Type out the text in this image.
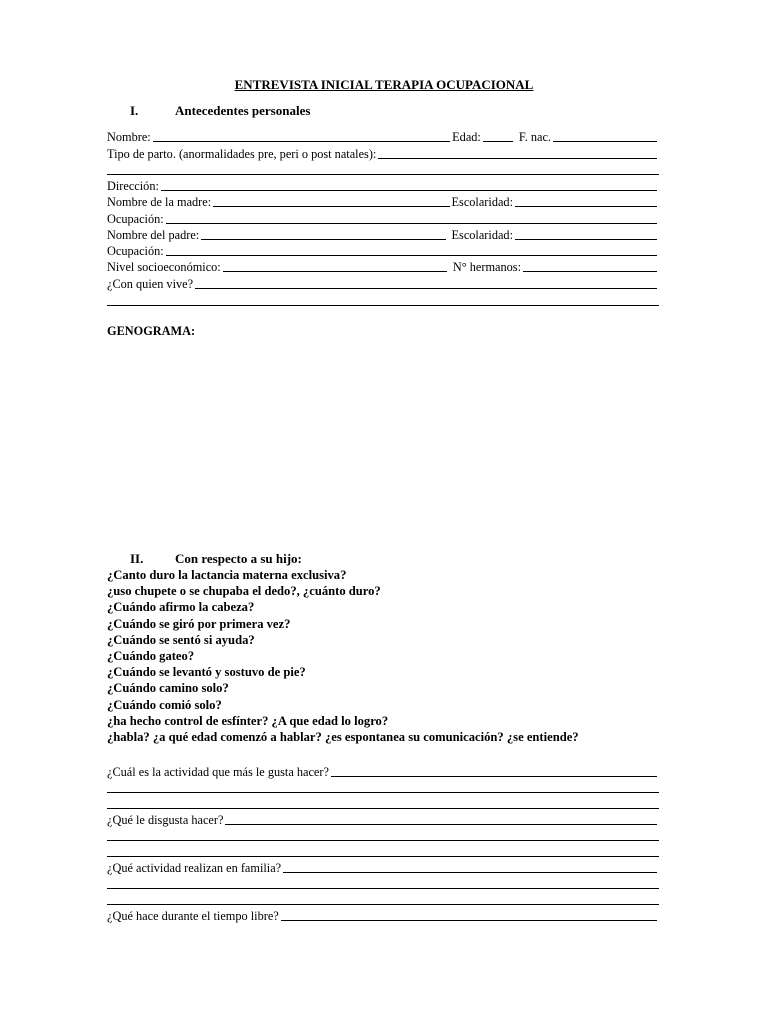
ENTREVISTA INICIAL TERAPIA OCUPACIONAL
I.	Antecedentes personales
Nombre:	Edad:	F. nac.
Tipo de parto. (anormalidades pre, peri o post natales):
Dirección:
Nombre de la madre:	Escolaridad:
Ocupación:
Nombre del padre:	Escolaridad:
Ocupación:
Nivel socioeconómico:	N° hermanos:
¿Con quien vive?
GENOGRAMA:
II.	Con respecto a su hijo:
¿Canto duro la lactancia materna exclusiva?
¿uso chupete o se chupaba el dedo?, ¿cuánto duro?
¿Cuándo afirmo la cabeza?
¿Cuándo se giró por primera vez?
¿Cuándo se sentó si ayuda?
¿Cuándo gateo?
¿Cuándo se levantó y sostuvo de pie?
¿Cuándo camino solo?
¿Cuándo comió solo?
¿ha hecho control de esfínter? ¿A que edad lo logro?
¿habla? ¿a qué edad comenzó a hablar? ¿es espontanea su comunicación? ¿se entiende?
¿Cuál es la actividad que más le gusta hacer?
¿Qué le disgusta hacer?
¿Qué actividad realizan en familia?
¿Qué hace durante el tiempo libre?
